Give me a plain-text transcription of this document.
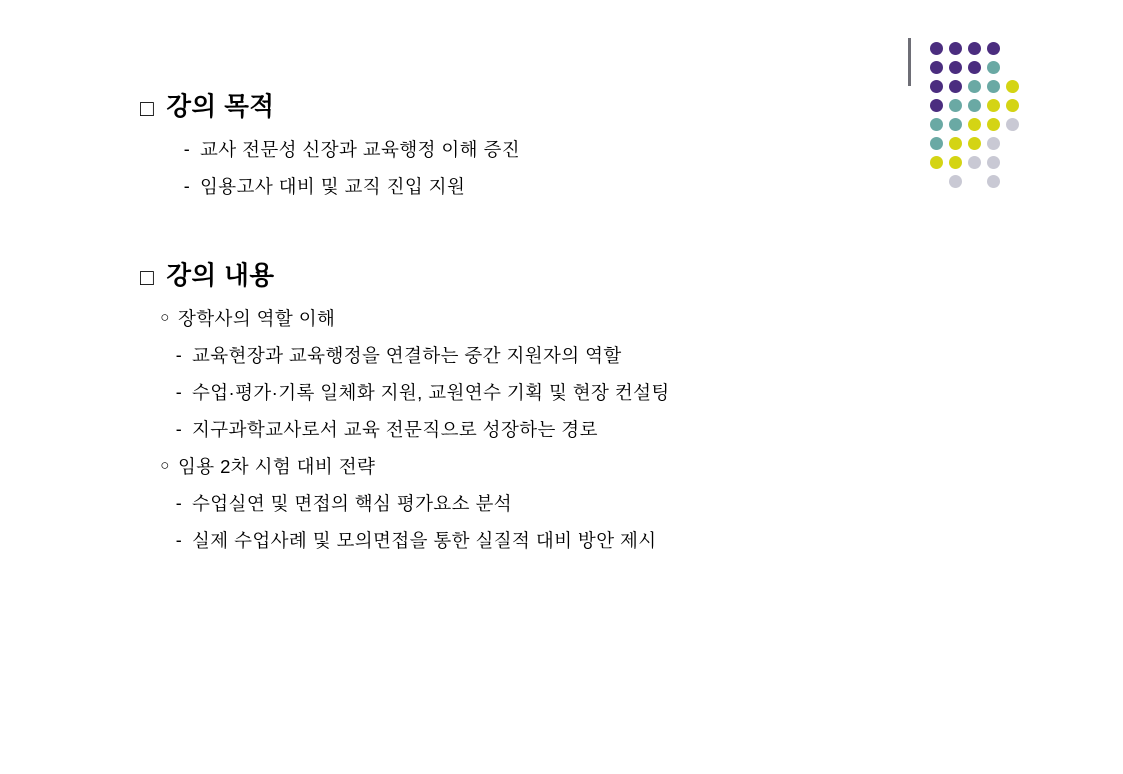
□ 강의 목적
- 교사 전문성 신장과 교육행정 이해 증진
- 임용고사 대비 및 교직 진입 지원
□ 강의 내용
○ 장학사의 역할 이해
- 교육현장과 교육행정을 연결하는 중간 지원자의 역할
- 수업·평가·기록 일체화 지원, 교원연수 기획 및 현장 컨설팅
- 지구과학교사로서 교육 전문직으로 성장하는 경로
○ 임용 2차 시험 대비 전략
- 수업실연 및 면접의 핵심 평가요소 분석
- 실제 수업사례 및 모의면접을 통한 실질적 대비 방안 제시
